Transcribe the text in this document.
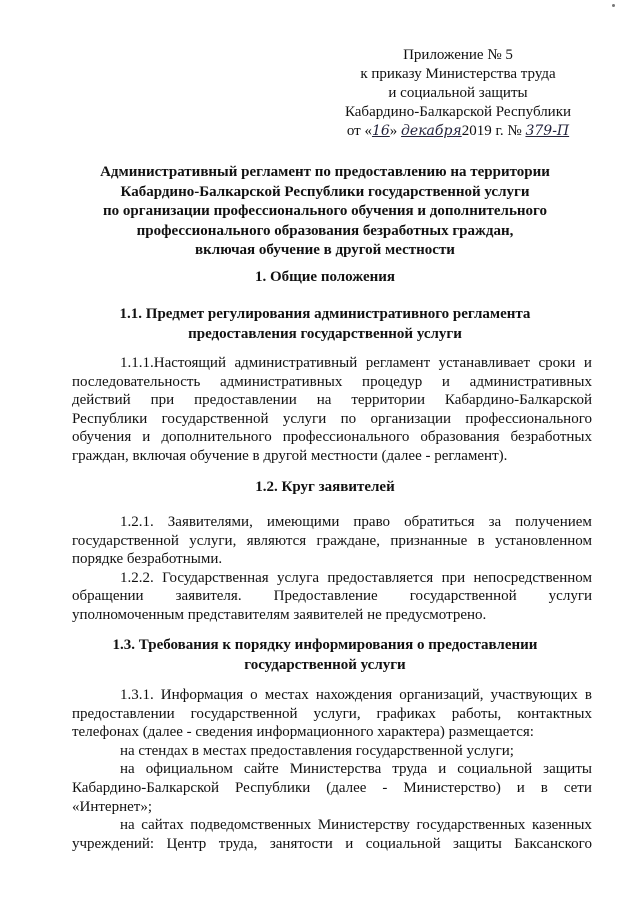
Приложение № 5
к приказу Министерства труда
и социальной защиты
Кабардино-Балкарской Республики
от «16» декабря2019 г. № 379-П
Административный регламент по предоставлению на территории
Кабардино-Балкарской Республики государственной услуги
по организации профессионального обучения и дополнительного
профессионального образования безработных граждан,
включая обучение в другой местности
1. Общие положения
1.1. Предмет регулирования административного регламента
предоставления государственной услуги
1.1.1.Настоящий административный регламент устанавливает сроки и
последовательность административных процедур и административных
действий при предоставлении на территории Кабардино-Балкарской
Республики государственной услуги по организации профессионального
обучения и дополнительного профессионального образования безработных
граждан, включая обучение в другой местности (далее - регламент).
1.2. Круг заявителей
1.2.1. Заявителями, имеющими право обратиться за получением
государственной услуги, являются граждане, признанные в установленном
порядке безработными.
1.2.2. Государственная услуга предоставляется при непосредственном
обращении заявителя. Предоставление государственной услуги
уполномоченным представителям заявителей не предусмотрено.
1.3. Требования к порядку информирования о предоставлении
государственной услуги
1.3.1. Информация о местах нахождения организаций, участвующих в
предоставлении государственной услуги, графиках работы, контактных
телефонах (далее - сведения информационного характера) размещается:
на стендах в местах предоставления государственной услуги;
на официальном сайте Министерства труда и социальной защиты
Кабардино-Балкарской Республики (далее - Министерство) и в сети
«Интернет»;
на сайтах подведомственных Министерству государственных казенных
учреждений: Центр труда, занятости и социальной защиты Баксанского
